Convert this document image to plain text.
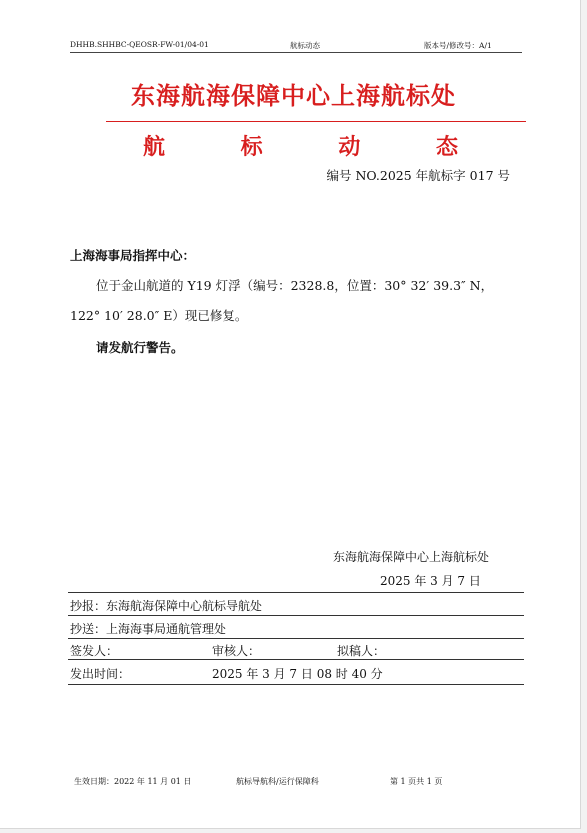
DHHB.SHHBC-QEOSR-FW-01/04-01	航标动态	版本号/修改号：A/1
东海航海保障中心上海航标处
航 标 动 态
编号 NO.2025 年航标字 017 号
上海海事局指挥中心：
位于金山航道的 Y19 灯浮（编号：2328.8，位置：30° 32′ 39.3″ N，
122° 10′ 28.0″ E）现已修复。
请发航行警告。
东海航海保障中心上海航标处
2025 年 3 月 7 日
抄报：东海航海保障中心航标导航处
抄送：上海海事局通航管理处
签发人：	审核人：	拟稿人：
发出时间：	2025 年 3 月 7 日 08 时 40 分
生效日期：2022 年 11 月 01 日	航标导航科/运行保障科	第 1 页共 1 页
